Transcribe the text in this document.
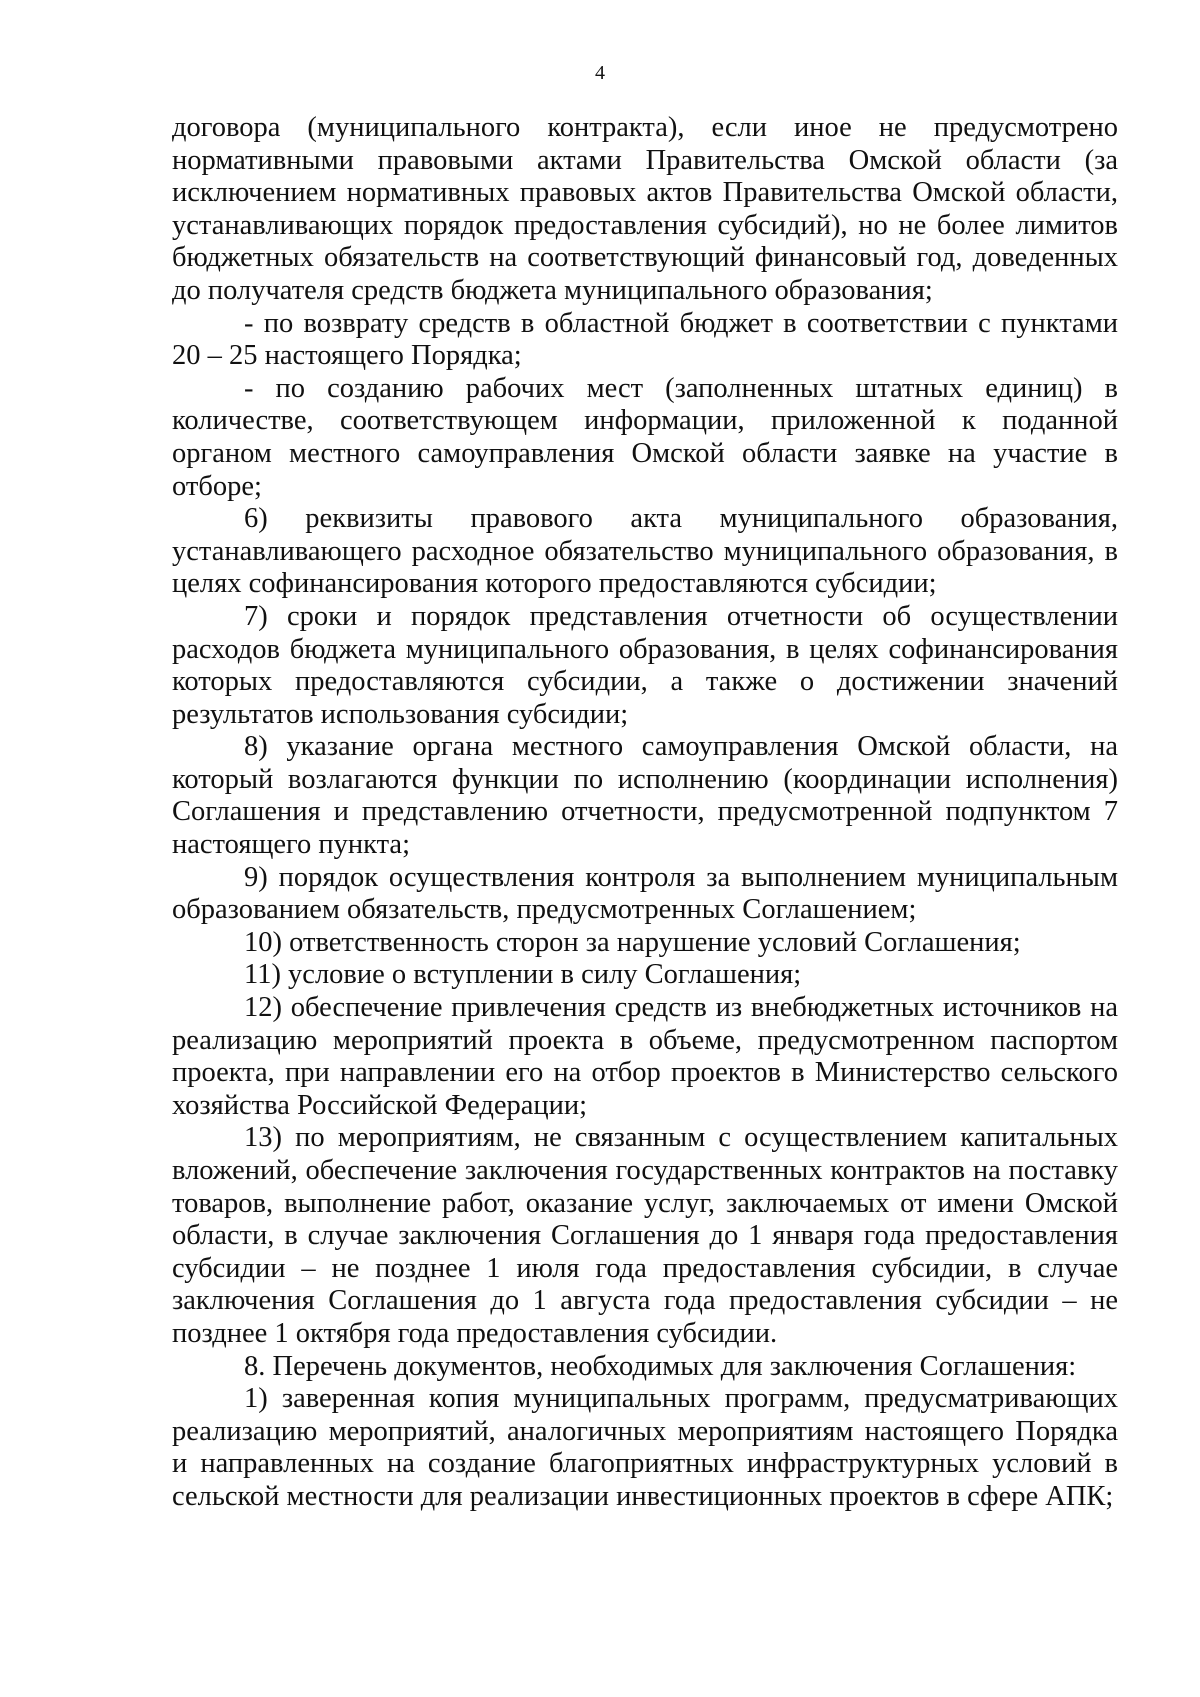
4

договора (муниципального контракта), если иное не предусмотрено нормативными правовыми актами Правительства Омской области (за исключением нормативных правовых актов Правительства Омской области, устанавливающих порядок предоставления субсидий), но не более лимитов бюджетных обязательств на соответствующий финансовый год, доведенных до получателя средств бюджета муниципального образования;

- по возврату средств в областной бюджет в соответствии с пунктами 20 – 25 настоящего Порядка;

- по созданию рабочих мест (заполненных штатных единиц) в количестве, соответствующем информации, приложенной к поданной органом местного самоуправления Омской области заявке на участие в отборе;

6) реквизиты правового акта муниципального образования, устанавливающего расходное обязательство муниципального образования, в целях софинансирования которого предоставляются субсидии;

7) сроки и порядок представления отчетности об осуществлении расходов бюджета муниципального образования, в целях софинансирования которых предоставляются субсидии, а также о достижении значений результатов использования субсидии;

8) указание органа местного самоуправления Омской области, на который возлагаются функции по исполнению (координации исполнения) Соглашения и представлению отчетности, предусмотренной подпунктом 7 настоящего пункта;

9) порядок осуществления контроля за выполнением муниципальным образованием обязательств, предусмотренных Соглашением;

10) ответственность сторон за нарушение условий Соглашения;

11) условие о вступлении в силу Соглашения;

12) обеспечение привлечения средств из внебюджетных источников на реализацию мероприятий проекта в объеме, предусмотренном паспортом проекта, при направлении его на отбор проектов в Министерство сельского хозяйства Российской Федерации;

13) по мероприятиям, не связанным с осуществлением капитальных вложений, обеспечение заключения государственных контрактов на поставку товаров, выполнение работ, оказание услуг, заключаемых от имени Омской области, в случае заключения Соглашения до 1 января года предоставления субсидии – не позднее 1 июля года предоставления субсидии, в случае заключения Соглашения до 1 августа года предоставления субсидии – не позднее 1 октября года предоставления субсидии.

8. Перечень документов, необходимых для заключения Соглашения:

1) заверенная копия муниципальных программ, предусматривающих реализацию мероприятий, аналогичных мероприятиям настоящего Порядка и направленных на создание благоприятных инфраструктурных условий в сельской местности для реализации инвестиционных проектов в сфере АПК;
